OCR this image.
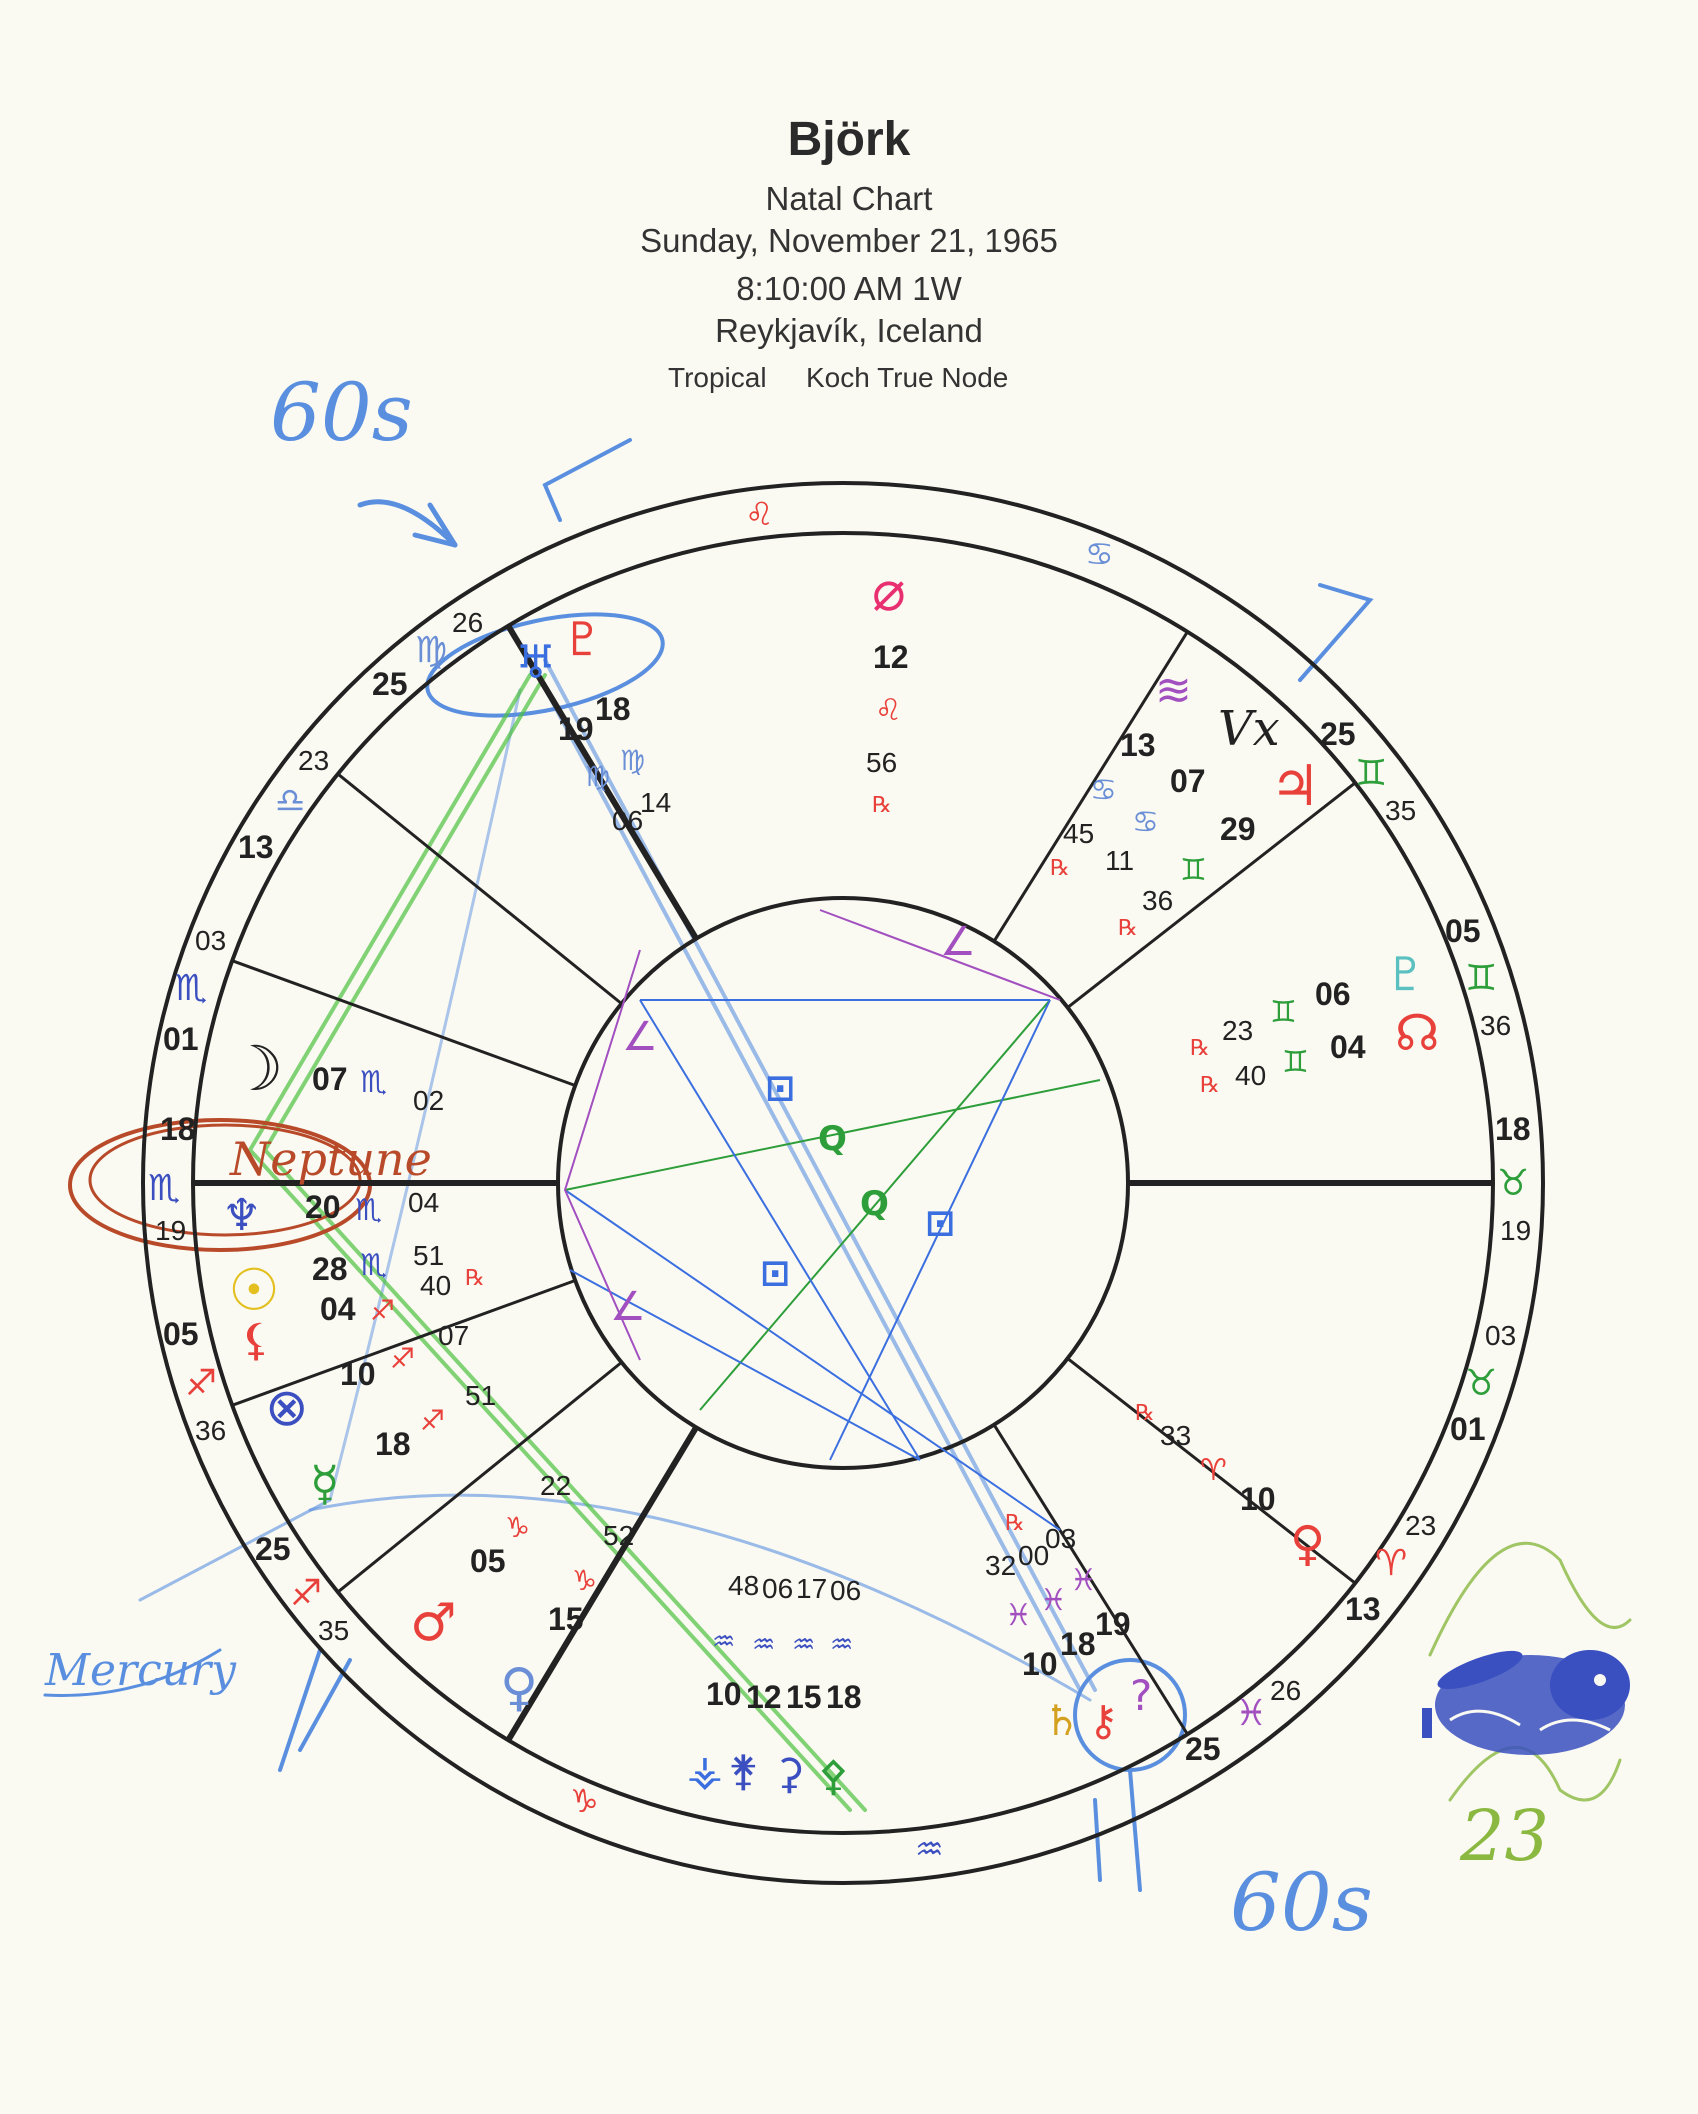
Björk
Natal Chart
Sunday, November 21, 1965
8:10:00 AM 1W
Reykjavík, Iceland
Tropical Koch True Node
∠
∠
∠
⊡
⊡
⊡
Q
Q
18
♏
19
05
♐
36
25
♐
35
25
♓
26
13
♈
23
01
♉
03
18
♉
19
05
♊
36
25
♊
35
25
♍
26
13
♎
23
01
♏
03
♌
♋
♑
♒
☽ 07 ♏
02
♆ 20 ♏ 04
☉ 28 ♏ 51
⚸
04 ♐
40 ℞
⊗
10 ♐
07
☿
18
♐
51
♂
05
♑
22
♀
15
♑
52
10 12 15 18
♒ ♒ ♒ ♒
48 06 17 06
⚶ ⚵ ⚳ ⚴
℞
32 00
03
♓ ♓
♓
10
18
19
♄ ⚷
?
℞
33
♈
10
♀
☊
04
♊
40
℞
♇
06
♊
23
℞
♃
29
♊
36
℞
Vx
07
♋
11
≋
13
♋
45
℞
⌀
12
♌
56
℞
♅ ♇
19
18
♍ ♍
06
14
60s
60s
Neptune
Mercury
23
